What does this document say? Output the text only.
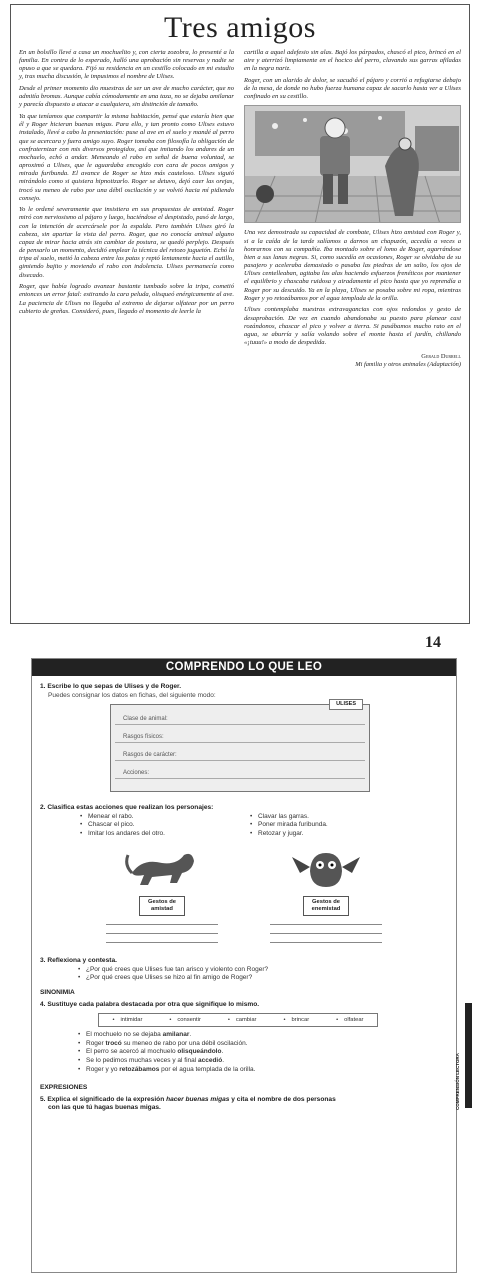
Tres amigos

En un bolsillo llevé a casa un mochuelito y, con cierta zozobra, lo presenté a la familia. En contra de lo esperado, halló una aprobación sin reservas y nadie se opuso a que se quedara. Fijó su residencia en un cestillo colocado en mi estudio y, tras mucha discusión, le impusimos el nombre de Ulises.

Desde el primer momento dio muestras de ser un ave de mucho carácter, que no admitía bromas. Aunque cabía cómodamente en una taza, no se dejaba amilanar y parecía dispuesto a atacar a cualquiera, sin distinción de tamaño.

Ya que teníamos que compartir la misma habitación, pensé que estaría bien que él y Roger hicieran buenas migas. Para ello, y tan pronto como Ulises estuvo instalado, llevé a cabo la presentación: puse al ave en el suelo y mandé al perro que se acercara y fuera amigo suyo. Roger tomaba con filosofía la obligación de confraternizar con mis diversos protegidos, así que imitando los andares de un mochuelo, echó a andar. Meneando el rabo en señal de buena voluntad, se aproximó a Ulises, que le aguardaba encogido con cara de pocos amigos y mirada furibunda. El avance de Roger se hizo más cauteloso. Ulises siguió mirándolo como si quisiera hipnotizarlo. Roger se detuvo, dejó caer las orejas, trocó su meneo de rabo por una débil oscilación y se volvió hacia mí pidiendo consejo.

Yo le ordené severamente que insistiera en sus propuestas de amistad. Roger miró con nerviosismo al pájaro y luego, haciéndose el despistado, pasó de largo, con la intención de acercársele por la espalda. Pero también Ulises giró la cabeza, sin apartar la vista del perro. Roger, que no conocía animal alguno capaz de mirar hacia atrás sin cambiar de postura, se quedó perplejo. Después de pensarlo un momento, decidió emplear la técnica del retozo juguetón. Echó la tripa al suelo, metió la cabeza entre las patas y reptó lentamente hacia el autillo, gimiendo bajito y moviendo el rabo con indolencia. Ulises permanecía como disecado.

Roger, que había logrado avanzar bastante tumbado sobre la tripa, cometió entonces un error fatal: estirando la cara peluda, olisqueó enérgicamente al ave. La paciencia de Ulises no llegaba al extremo de dejarse olfatear por un perro cubierto de greñas. Consideró, pues, llegado el momento de leerle la

cartilla a aquel adefesio sin alas. Bajó los párpados, chascó el pico, brincó en el aire y aterrizó limpiamente en el hocico del perro, clavando sus garras afiladas en la negra nariz.

Roger, con un alarido de dolor, se sacudió el pájaro y corrió a refugiarse debajo de la mesa, de donde no hubo fuerza humana capaz de sacarlo hasta ver a Ulises confinado en su cestillo.

Una vez demostrada su capacidad de combate, Ulises hizo amistad con Roger y, si a la caída de la tarde salíamos a darnos un chapuzón, accedía a veces a honrarnos con su compañía. Iba montado sobre el lomo de Roger, agarrándose bien a sus lanas negras. Si, como sucedía en ocasiones, Roger se olvidaba de su pasajero y aceleraba demasiado o pasaba las piedras de un salto, los ojos de Ulises centelleaban, agitaba las alas haciendo esfuerzos frenéticos por mantener el equilibrio y chascaba ruidosa y airadamente el pico hasta que yo reprendía a Roger por su descuido. Ya en la playa, Ulises se posaba sobre mi ropa, mientras Roger y yo retozábamos por el agua templada de la orilla.

Ulises contemplaba nuestras extravagancias con ojos redondos y gesto de desaprobación. De vez en cuando abandonaba su puesto para planear casi rozándonos, chascar el pico y volver a tierra. Si pasábamos mucho rato en el agua, se aburría y salía volando sobre el monte hasta el jardín, chillando «¡tuuu!» a modo de despedida.

Gerald Durrell
Mi familia y otros animales (Adaptación)
14
COMPRENDO LO QUE LEO
1. Escribe lo que sepas de Ulises y de Roger.
Puedes consignar los datos en fichas, del siguiente modo:
ULISES
Clase de animal:
Rasgos físicos:
Rasgos de carácter:
Acciones:
2. Clasifica estas acciones que realizan los personajes:
• Menear el rabo.
• Chascar el pico.
• Imitar los andares del otro.
• Clavar las garras.
• Poner mirada furibunda.
• Retozar y jugar.
Gestos de
amistad
Gestos de
enemistad
3. Reflexiona y contesta.
• ¿Por qué crees que Ulises fue tan arisco y violento con Roger?
• ¿Por qué crees que Ulises se hizo al fin amigo de Roger?
SINONIMIA
4. Sustituye cada palabra destacada por otra que signifique lo mismo.
• intimidar	• consentir	• cambiar	• brincar	• olfatear
• El mochuelo no se dejaba amilanar.
• Roger trocó su meneo de rabo por una débil oscilación.
• El perro se acercó al mochuelo olisqueándolo.
• Se lo pedimos muchas veces y al final accedió.
• Roger y yo retozábamos por el agua templada de la orilla.
EXPRESIONES
5. Explica el significado de la expresión hacer buenas migas y cita el nombre de dos personas
con las que tú hagas buenas migas.	COMPRENSIÓN LECTORA
